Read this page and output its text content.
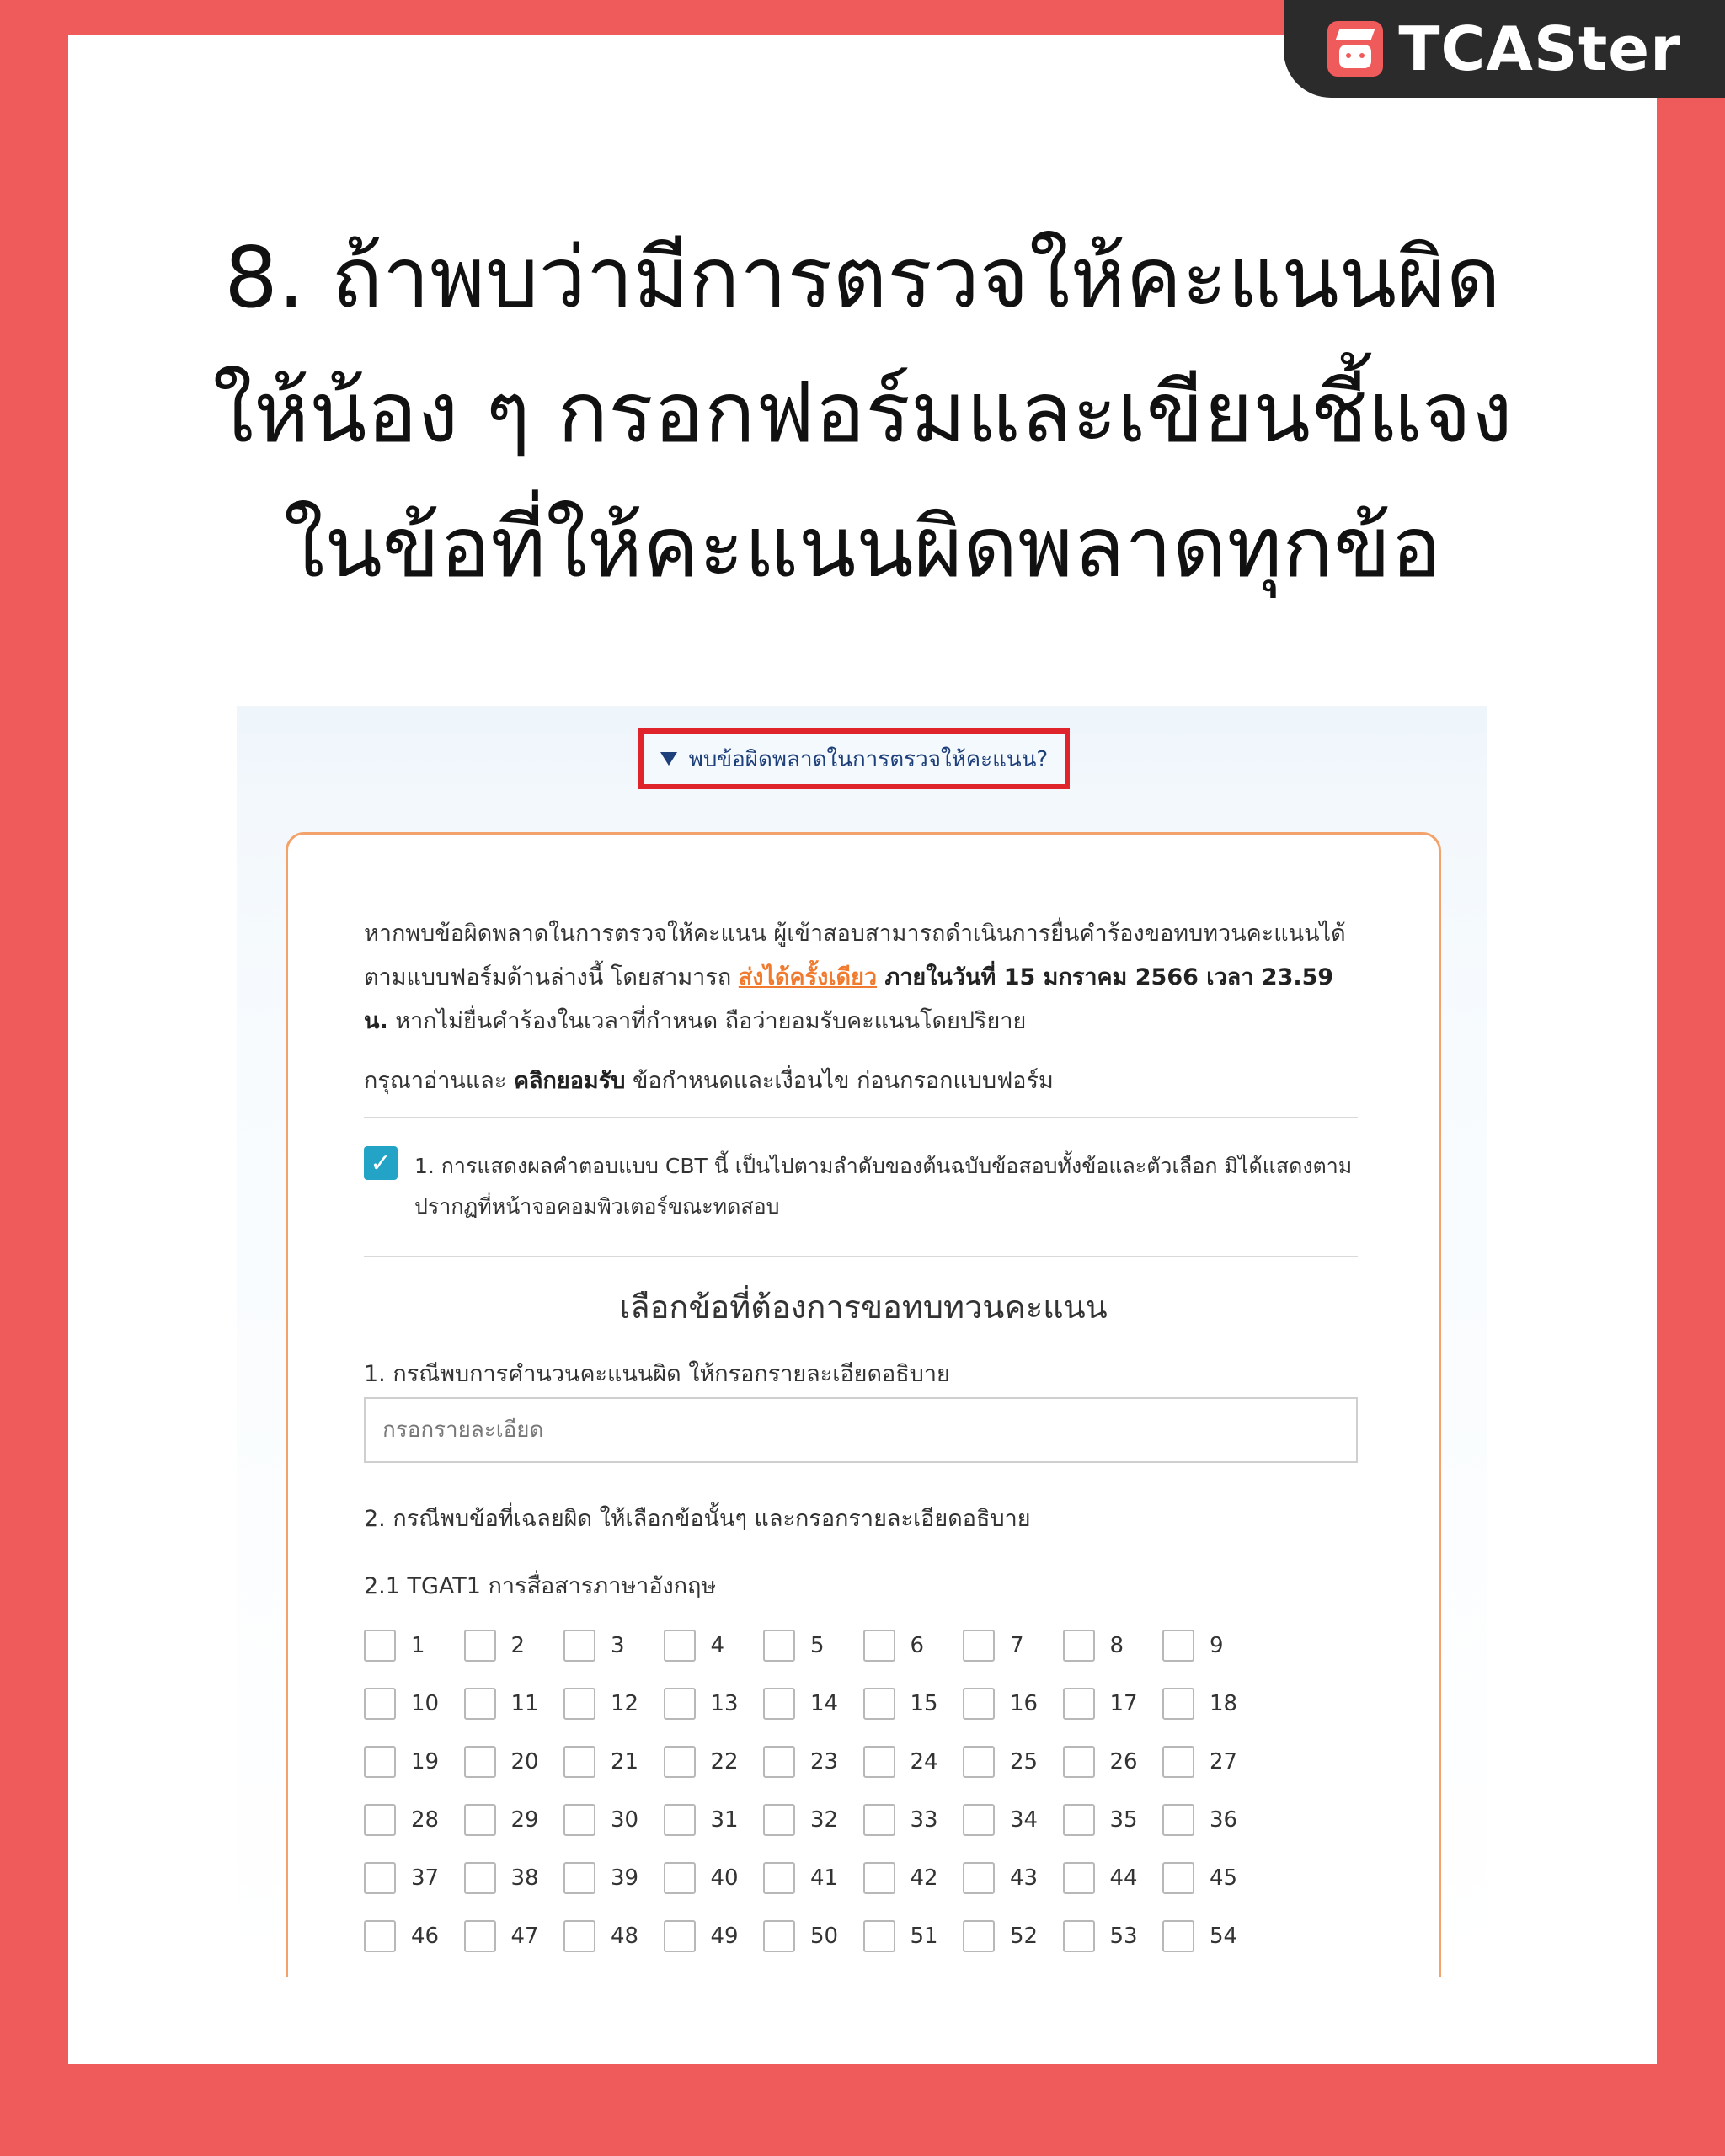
TCASter
8. ถ้าพบว่ามีการตรวจให้คะแนนผิด
ให้น้อง ๆ กรอกฟอร์มและเขียนชี้แจง
ในข้อที่ให้คะแนนผิดพลาดทุกข้อ
พบข้อผิดพลาดในการตรวจให้คะแนน?
หากพบข้อผิดพลาดในการตรวจให้คะแนน ผู้เข้าสอบสามารถดำเนินการยื่นคำร้องขอทบทวนคะแนนได้ตามแบบฟอร์มด้านล่างนี้ โดยสามารถ ส่งได้ครั้งเดียว ภายในวันที่ 15 มกราคม 2566 เวลา 23.59 น. หากไม่ยื่นคำร้องในเวลาที่กำหนด ถือว่ายอมรับคะแนนโดยปริยาย
กรุณาอ่านและ คลิกยอมรับ ข้อกำหนดและเงื่อนไข ก่อนกรอกแบบฟอร์ม
✓ 1. การแสดงผลคำตอบแบบ CBT นี้ เป็นไปตามลำดับของต้นฉบับข้อสอบทั้งข้อและตัวเลือก มิได้แสดงตามปรากฏที่หน้าจอคอมพิวเตอร์ขณะทดสอบ
เลือกข้อที่ต้องการขอทบทวนคะแนน
1. กรณีพบการคำนวนคะแนนผิด ให้กรอกรายละเอียดอธิบาย
กรอกรายละเอียด
2. กรณีพบข้อที่เฉลยผิด ให้เลือกข้อนั้นๆ และกรอกรายละเอียดอธิบาย
2.1 TGAT1 การสื่อสารภาษาอังกฤษ
1	2	3	4	5	6	7	8	9
10	11	12	13	14	15	16	17	18
19	20	21	22	23	24	25	26	27
28	29	30	31	32	33	34	35	36
37	38	39	40	41	42	43	44	45
46	47	48	49	50	51	52	53	54
